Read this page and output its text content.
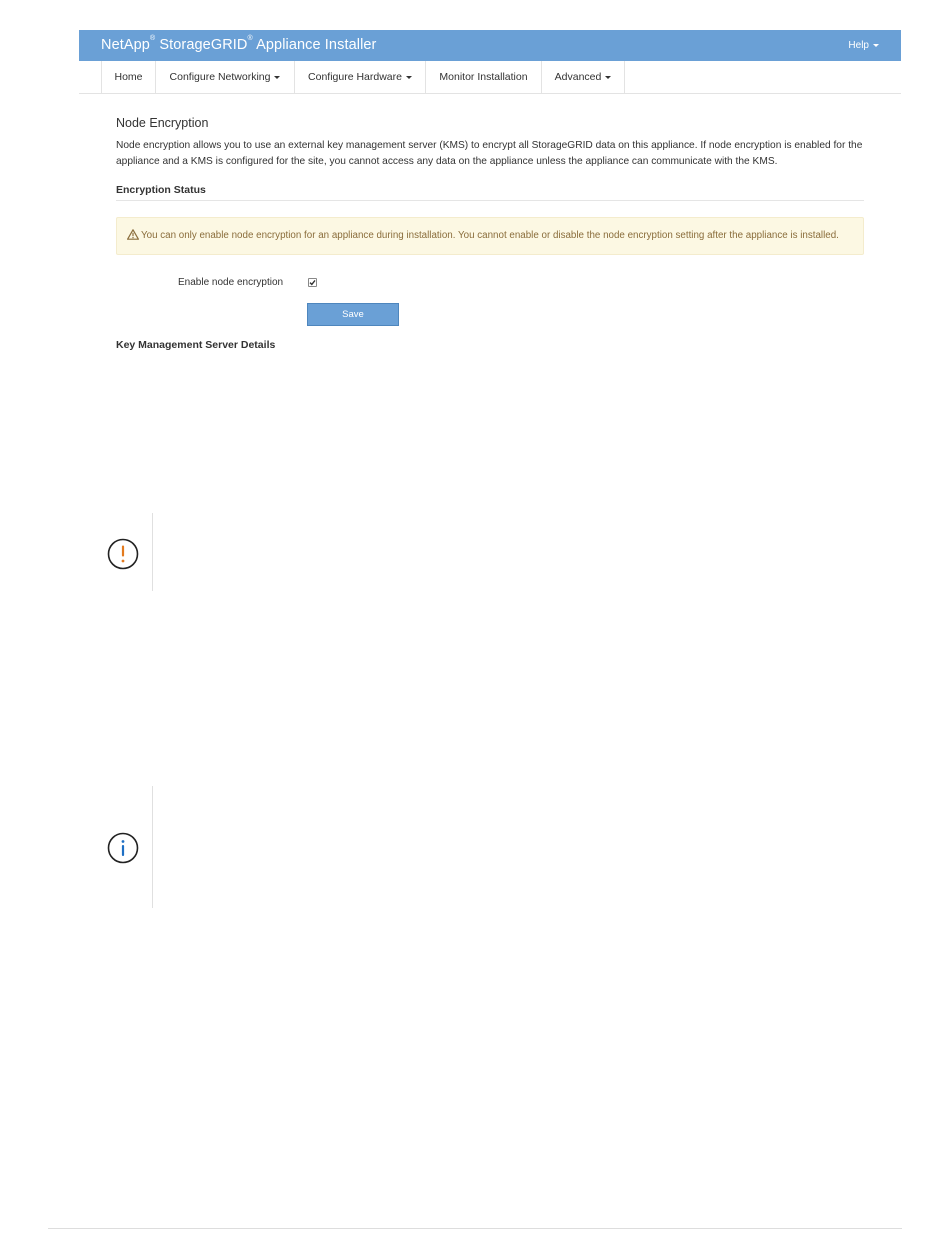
NetApp® StorageGRID® Appliance Installer	Help
Home	Configure Networking	Configure Hardware	Monitor Installation	Advanced
Node Encryption
Node encryption allows you to use an external key management server (KMS) to encrypt all StorageGRID data on this appliance. If node encryption is enabled for the appliance and a KMS is configured for the site, you cannot access any data on the appliance unless the appliance can communicate with the KMS.
Encryption Status
You can only enable node encryption for an appliance during installation. You cannot enable or disable the node encryption setting after the appliance is installed.
Enable node encryption
Save
Key Management Server Details
